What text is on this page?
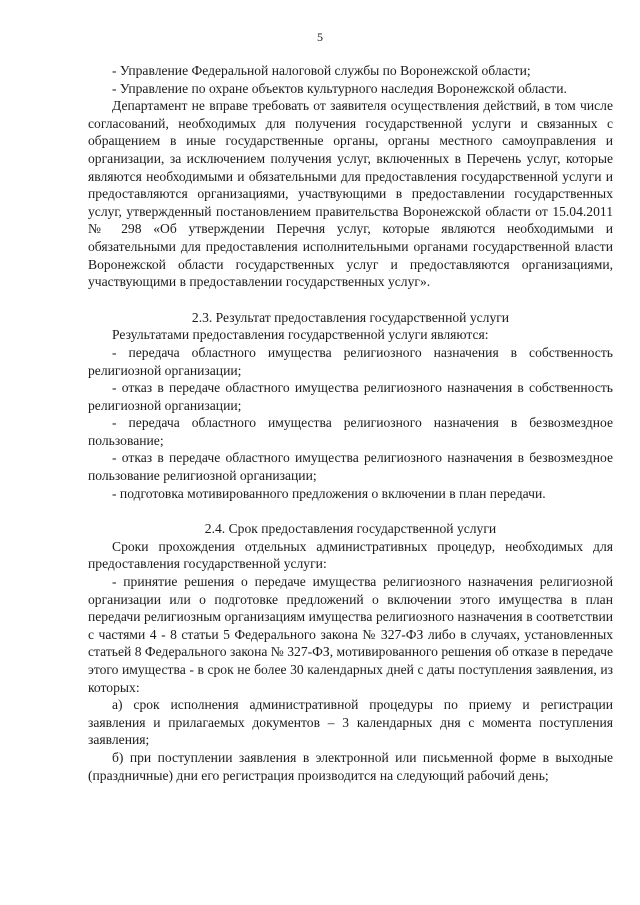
5

- Управление Федеральной налоговой службы по Воронежской области;

- Управление по охране объектов культурного наследия Воронежской области.

Департамент не вправе требовать от заявителя осуществления действий, в том числе согласований, необходимых для получения государственной услуги и связанных с обращением в иные государственные органы, органы местного самоуправления и организации, за исключением получения услуг, включенных в Перечень услуг, которые являются необходимыми и обязательными для предоставления государственной услуги и предоставляются организациями, участвующими в предоставлении государственных услуг, утвержденный постановлением правительства Воронежской области от 15.04.2011 № 298 «Об утверждении Перечня услуг, которые являются необходимыми и обязательными для предоставления исполнительными органами государственной власти Воронежской области государственных услуг и предоставляются организациями, участвующими в предоставлении государственных услуг».

2.3. Результат предоставления государственной услуги

Результатами предоставления государственной услуги являются:

- передача областного имущества религиозного назначения в собственность религиозной организации;

- отказ в передаче областного имущества религиозного назначения в собственность религиозной организации;

- передача областного имущества религиозного назначения в безвозмездное пользование;

- отказ в передаче областного имущества религиозного назначения в безвозмездное пользование религиозной организации;

- подготовка мотивированного предложения о включении в план передачи.

2.4. Срок предоставления государственной услуги

Сроки прохождения отдельных административных процедур, необходимых для предоставления государственной услуги:

- принятие решения о передаче имущества религиозного назначения религиозной организации или о подготовке предложений о включении этого имущества в план передачи религиозным организациям имущества религиозного назначения в соответствии с частями 4 - 8 статьи 5 Федерального закона № 327-ФЗ либо в случаях, установленных статьей 8 Федерального закона № 327-ФЗ, мотивированного решения об отказе в передаче этого имущества - в срок не более 30 календарных дней с даты поступления заявления, из которых:

а) срок исполнения административной процедуры по приему и регистрации заявления и прилагаемых документов – 3 календарных дня с момента поступления заявления;

б) при поступлении заявления в электронной или письменной форме в выходные (праздничные) дни его регистрация производится на следующий рабочий день;
